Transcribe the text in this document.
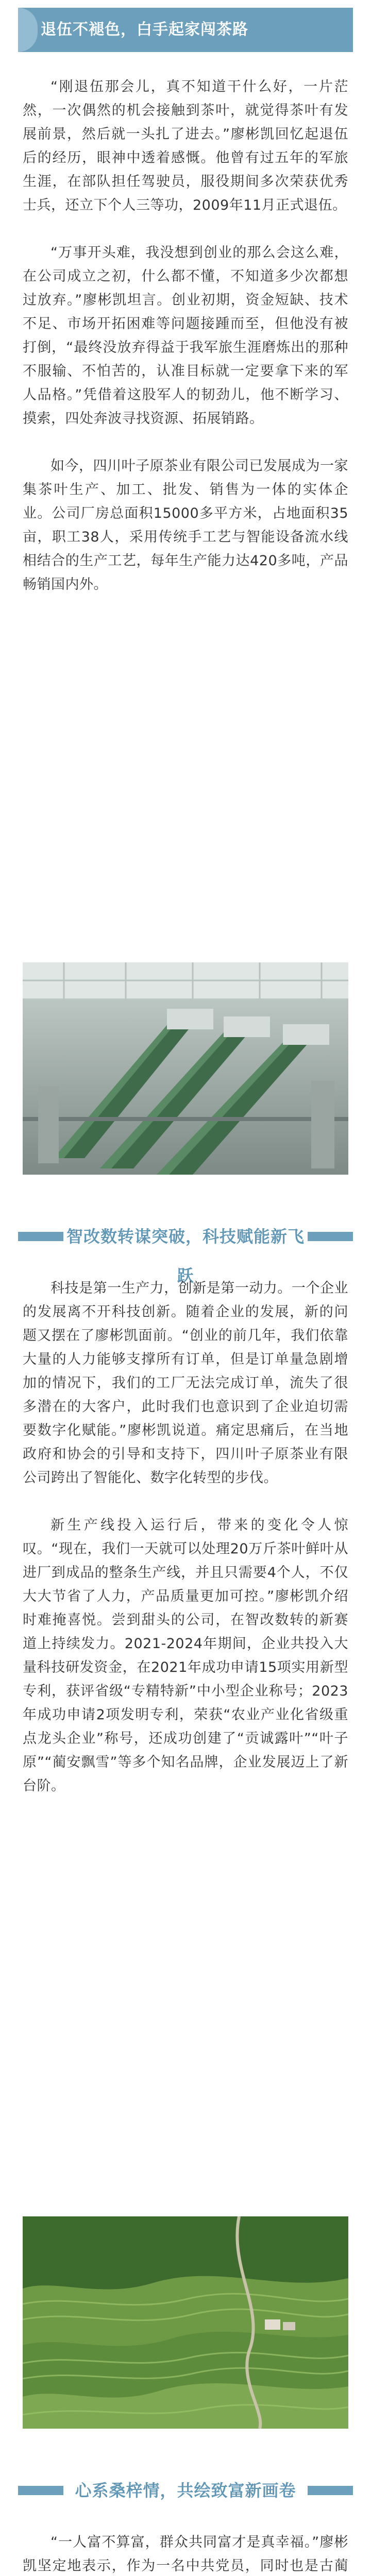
退伍不褪色，白手起家闯茶路

“刚退伍那会儿，真不知道干什么好，一片茫然，一次偶然的机会接触到茶叶，就觉得茶叶有发展前景，然后就一头扎了进去。”廖彬凯回忆起退伍后的经历，眼神中透着感慨。他曾有过五年的军旅生涯，在部队担任驾驶员，服役期间多次荣获优秀士兵，还立下个人三等功，2009年11月正式退伍。

“万事开头难，我没想到创业的那么会这么难，在公司成立之初，什么都不懂，不知道多少次都想过放弃。”廖彬凯坦言。创业初期，资金短缺、技术不足、市场开拓困难等问题接踵而至，但他没有被打倒，“最终没放弃得益于我军旅生涯磨炼出的那种不服输、不怕苦的，认准目标就一定要拿下来的军人品格。”凭借着这股军人的韧劲儿，他不断学习、摸索，四处奔波寻找资源、拓展销路。

如今，四川叶子原茶业有限公司已发展成为一家集茶叶生产、加工、批发、销售为一体的实体企业。公司厂房总面积15000多平方米，占地面积35亩，职工38人，采用传统手工艺与智能设备流水线相结合的生产工艺，每年生产能力达420多吨，产品畅销国内外。

智改数转谋突破，科技赋能新飞跃

科技是第一生产力，创新是第一动力。一个企业的发展离不开科技创新。随着企业的发展，新的问题又摆在了廖彬凯面前。“创业的前几年，我们依靠大量的人力能够支撑所有订单，但是订单量急剧增加的情况下，我们的工厂无法完成订单，流失了很多潜在的大客户，此时我们也意识到了企业迫切需要数字化赋能。”廖彬凯说道。痛定思痛后，在当地政府和协会的引导和支持下，四川叶子原茶业有限公司跨出了智能化、数字化转型的步伐。

新生产线投入运行后，带来的变化令人惊叹。“现在，我们一天就可以处理20万斤茶叶鲜叶从进厂到成品的整条生产线，并且只需要4个人，不仅大大节省了人力，产品质量更加可控。”廖彬凯介绍时难掩喜悦。尝到甜头的公司，在智改数转的新赛道上持续发力。2021-2024年期间，企业共投入大量科技研发资金，在2021年成功申请15项实用新型专利，获评省级“专精特新”中小型企业称号；2023年成功申请2项发明专利，荣获“农业产业化省级重点龙头企业”称号，还成功创建了“贡诚露叶”“叶子原”“蔺安飘雪”等多个知名品牌，企业发展迈上了新台阶。

心系桑梓情，共绘致富新画卷

“一人富不算富，群众共同富才是真幸福。”廖彬凯坚定地表示，作为一名中共党员，同时也是古蔺
